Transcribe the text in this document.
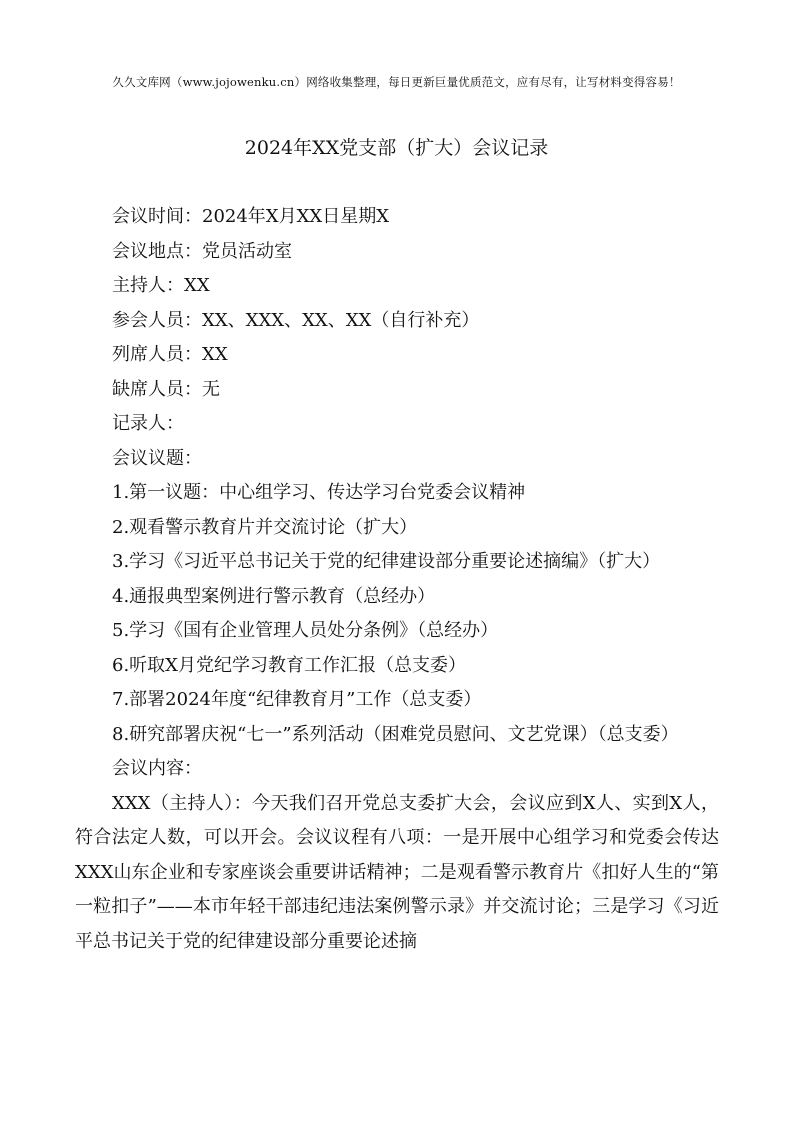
久久文库网（www.jojowenku.cn）网络收集整理，每日更新巨量优质范文，应有尽有，让写材料变得容易！
2024年XX党支部（扩大）会议记录
会议时间：2024年X月XX日星期X
会议地点：党员活动室
主持人：XX
参会人员：XX、XXX、XX、XX（自行补充）
列席人员：XX
缺席人员：无
记录人：
会议议题：
1.第一议题：中心组学习、传达学习台党委会议精神
2.观看警示教育片并交流讨论（扩大）
3.学习《习近平总书记关于党的纪律建设部分重要论述摘编》（扩大）
4.通报典型案例进行警示教育（总经办）
5.学习《国有企业管理人员处分条例》（总经办）
6.听取X月党纪学习教育工作汇报（总支委）
7.部署2024年度“纪律教育月”工作（总支委）

8.研究部署庆祝“七一”系列活动（困难党员慰问、文艺党课）（总支委）

会议内容：

XXX（主持人）：今天我们召开党总支委扩大会，会议应到X人、实到X人，符合法定人数，可以开会。会议议程有八项：一是开展中心组学习和党委会传达XXX山东企业和专家座谈会重要讲话精神；二是观看警示教育片《扣好人生的“第一粒扣子”——本市年轻干部违纪违法案例警示录》并交流讨论；三是学习《习近平总书记关于党的纪律建设部分重要论述摘
